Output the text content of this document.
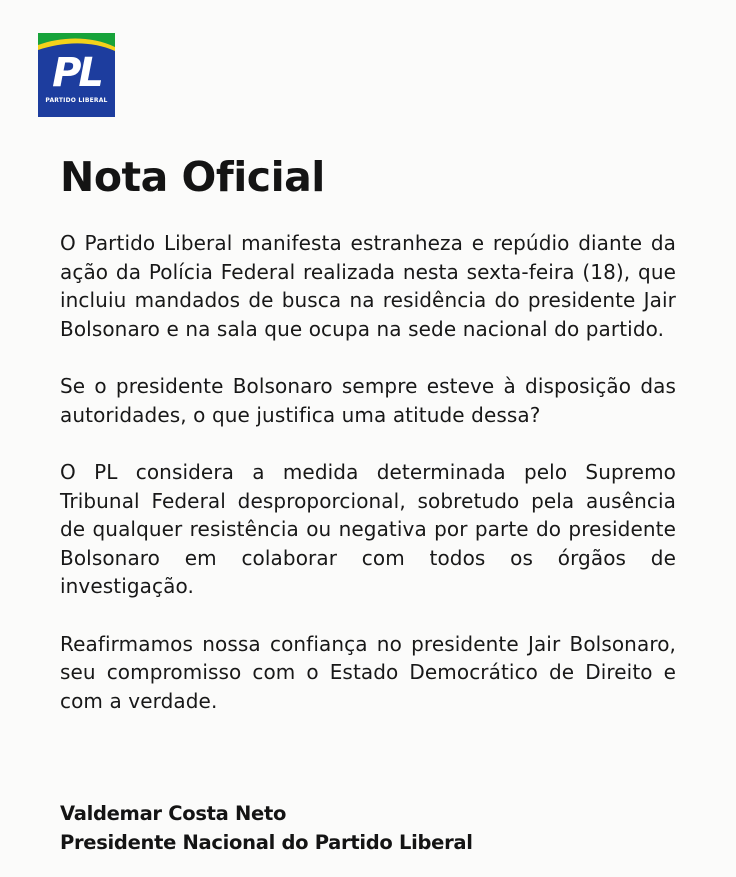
PL
PARTIDO LIBERAL
Nota Oficial

O Partido Liberal manifesta estranheza e repúdio diante da ação da Polícia Federal realizada nesta sexta-feira (18), que incluiu mandados de busca na residência do presidente Jair Bolsonaro e na sala que ocupa na sede nacional do partido.

Se o presidente Bolsonaro sempre esteve à disposição das autoridades, o que justifica uma atitude dessa?

O PL considera a medida determinada pelo Supremo Tribunal Federal desproporcional, sobretudo pela ausência de qualquer resistência ou negativa por parte do presidente Bolsonaro em colaborar com todos os órgãos de investigação.

Reafirmamos nossa confiança no presidente Jair Bolsonaro, seu compromisso com o Estado Democrático de Direito e com a verdade.

Valdemar Costa Neto
Presidente Nacional do Partido Liberal
